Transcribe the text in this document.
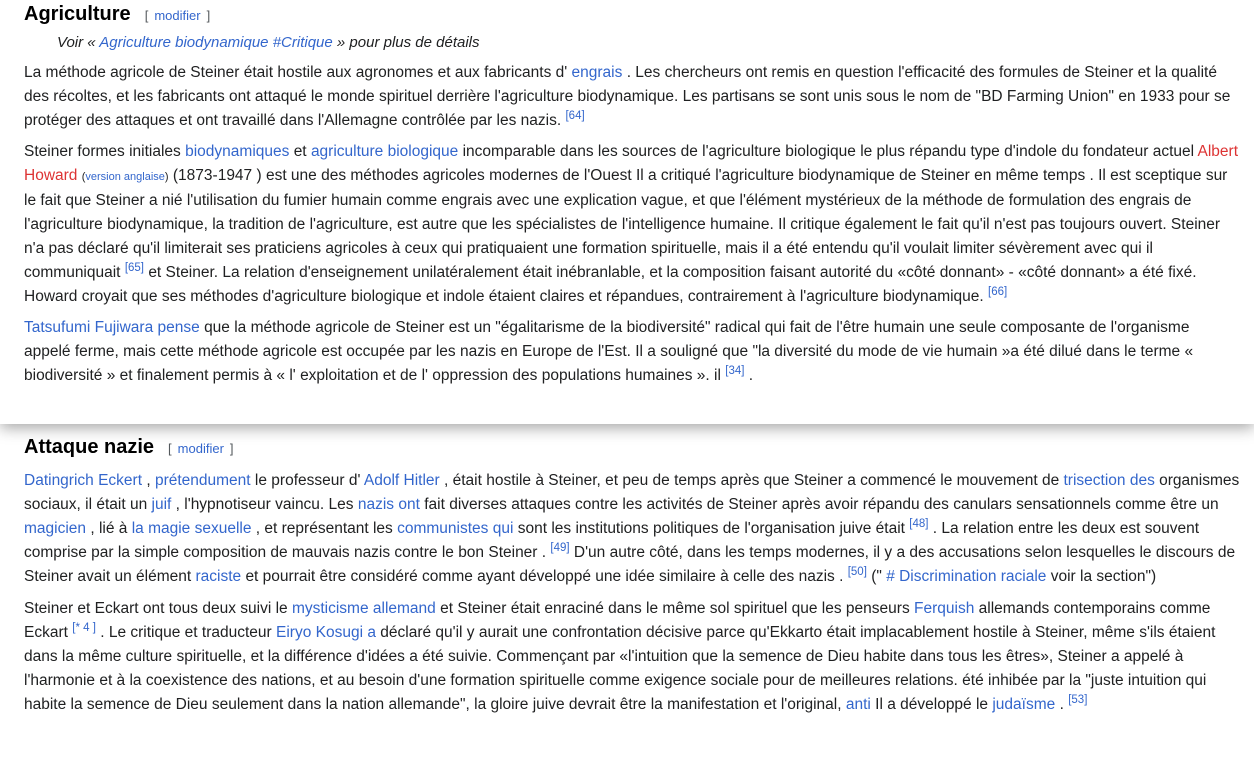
Agriculture [ modifier ]
Voir « Agriculture biodynamique #Critique » pour plus de détails

La méthode agricole de Steiner était hostile aux agronomes et aux fabricants d' engrais . Les chercheurs ont remis en question l'efficacité des formules de Steiner et la qualité des récoltes, et les fabricants ont attaqué le monde spirituel derrière l'agriculture biodynamique. Les partisans se sont unis sous le nom de "BD Farming Union" en 1933 pour se protéger des attaques et ont travaillé dans l'Allemagne contrôlée par les nazis. [64]

Steiner formes initiales biodynamiques et agriculture biologique incomparable dans les sources de l'agriculture biologique le plus répandu type d'indole du fondateur actuel Albert Howard (version anglaise) (1873-1947 ) est une des méthodes agricoles modernes de l'Ouest Il a critiqué l'agriculture biodynamique de Steiner en même temps . Il est sceptique sur le fait que Steiner a nié l'utilisation du fumier humain comme engrais avec une explication vague, et que l'élément mystérieux de la méthode de formulation des engrais de l'agriculture biodynamique, la tradition de l'agriculture, est autre que les spécialistes de l'intelligence humaine. Il critique également le fait qu'il n'est pas toujours ouvert. Steiner n'a pas déclaré qu'il limiterait ses praticiens agricoles à ceux qui pratiquaient une formation spirituelle, mais il a été entendu qu'il voulait limiter sévèrement avec qui il communiquait [65] et Steiner. La relation d'enseignement unilatéralement était inébranlable, et la composition faisant autorité du «côté donnant» - «côté donnant» a été fixé. Howard croyait que ses méthodes d'agriculture biologique et indole étaient claires et répandues, contrairement à l'agriculture biodynamique. [66]

Tatsufumi Fujiwara pense que la méthode agricole de Steiner est un "égalitarisme de la biodiversité" radical qui fait de l'être humain une seule composante de l'organisme appelé ferme, mais cette méthode agricole est occupée par les nazis en Europe de l'Est. Il a souligné que "la diversité du mode de vie humain »a été dilué dans le terme « biodiversité » et finalement permis à « l' exploitation et de l' oppression des populations humaines ». il [34] .

Attaque nazie [ modifier ]

Datingrich Eckert , prétendument le professeur d' Adolf Hitler , était hostile à Steiner, et peu de temps après que Steiner a commencé le mouvement de trisection des organismes sociaux, il était un juif , l'hypnotiseur vaincu. Les nazis ont fait diverses attaques contre les activités de Steiner après avoir répandu des canulars sensationnels comme être un magicien , lié à la magie sexuelle , et représentant les communistes qui sont les institutions politiques de l'organisation juive était [48] . La relation entre les deux est souvent comprise par la simple composition de mauvais nazis contre le bon Steiner . [49] D'un autre côté, dans les temps modernes, il y a des accusations selon lesquelles le discours de Steiner avait un élément raciste et pourrait être considéré comme ayant développé une idée similaire à celle des nazis . [50] (" # Discrimination raciale voir la section")

Steiner et Eckart ont tous deux suivi le mysticisme allemand et Steiner était enraciné dans le même sol spirituel que les penseurs Ferquish allemands contemporains comme Eckart [* 4 ] . Le critique et traducteur Eiryo Kosugi a déclaré qu'il y aurait une confrontation décisive parce qu'Ekkarto était implacablement hostile à Steiner, même s'ils étaient dans la même culture spirituelle, et la différence d'idées a été suivie. Commençant par «l'intuition que la semence de Dieu habite dans tous les êtres», Steiner a appelé à l'harmonie et à la coexistence des nations, et au besoin d'une formation spirituelle comme exigence sociale pour de meilleures relations. été inhibée par la "juste intuition qui habite la semence de Dieu seulement dans la nation allemande", la gloire juive devrait être la manifestation et l'original, anti Il a développé le judaïsme . [53]
